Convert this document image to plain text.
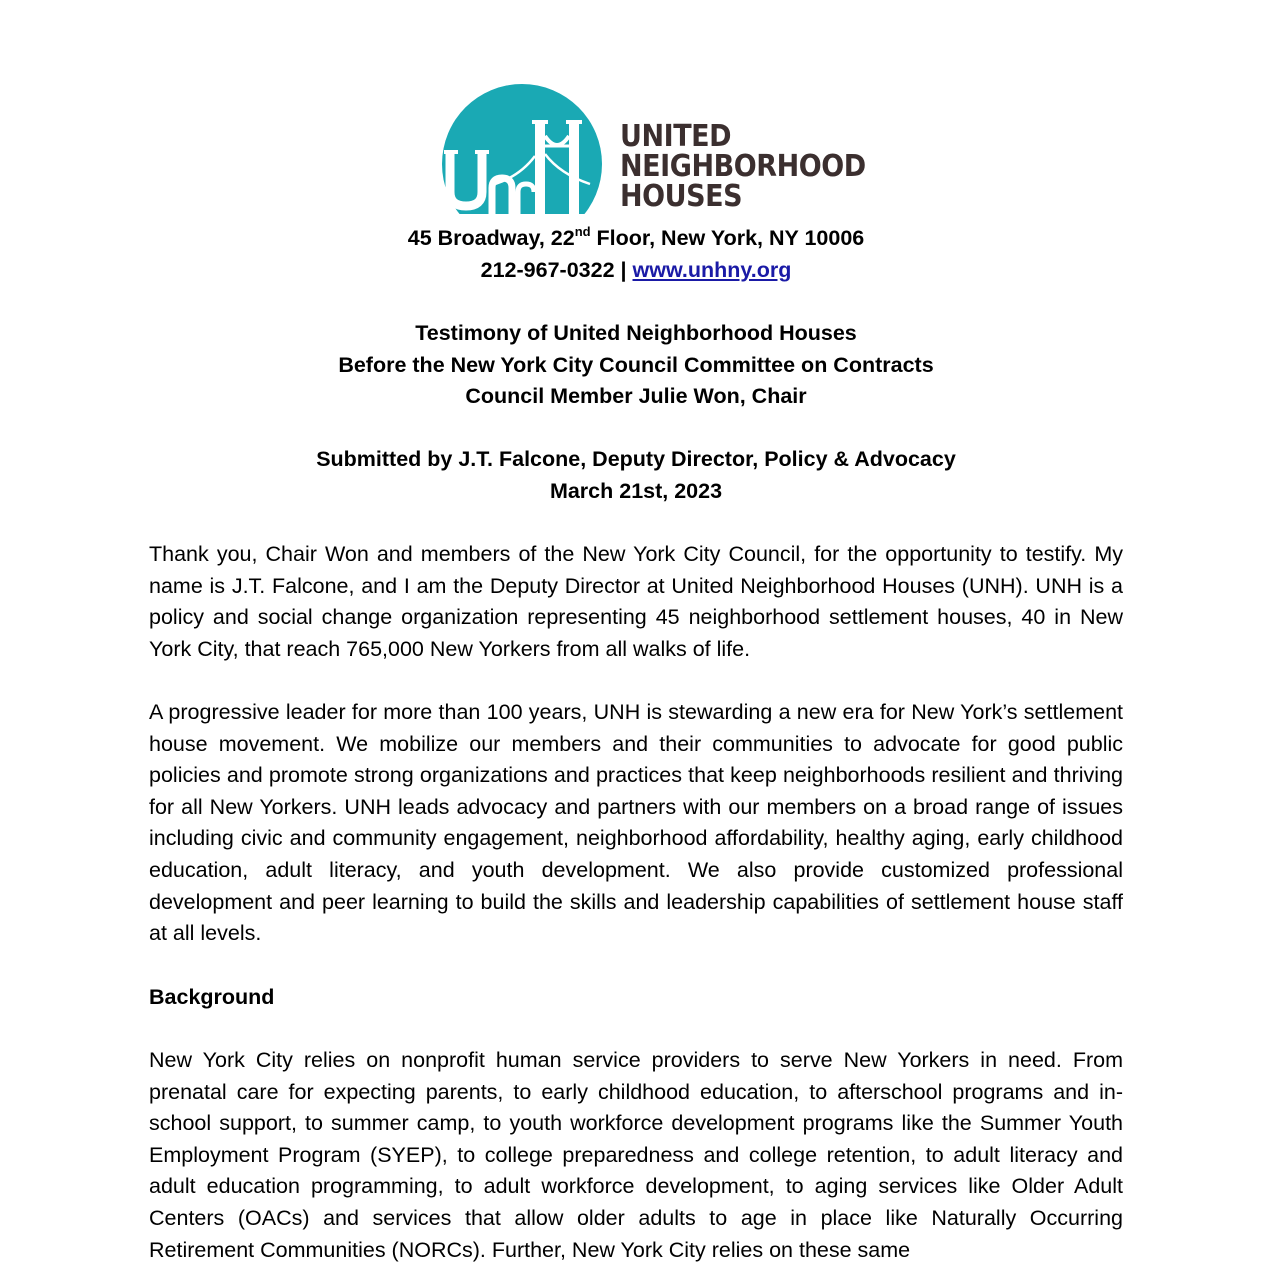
UNITED
NEIGHBORHOOD
HOUSES

45 Broadway, 22nd Floor, New York, NY 10006

212-967-0322 | www.unhny.org

Testimony of United Neighborhood Houses

Before the New York City Council Committee on Contracts

Council Member Julie Won, Chair

Submitted by J.T. Falcone, Deputy Director, Policy & Advocacy

March 21st, 2023

Thank you, Chair Won and members of the New York City Council, for the opportunity to testify. My name is J.T. Falcone, and I am the Deputy Director at United Neighborhood Houses (UNH). UNH is a policy and social change organization representing 45 neighborhood settlement houses, 40 in New York City, that reach 765,000 New Yorkers from all walks of life.

A progressive leader for more than 100 years, UNH is stewarding a new era for New York’s settlement house movement. We mobilize our members and their communities to advocate for good public policies and promote strong organizations and practices that keep neighborhoods resilient and thriving for all New Yorkers. UNH leads advocacy and partners with our members on a broad range of issues including civic and community engagement, neighborhood affordability, healthy aging, early childhood education, adult literacy, and youth development. We also provide customized professional development and peer learning to build the skills and leadership capabilities of settlement house staff at all levels.

Background

New York City relies on nonprofit human service providers to serve New Yorkers in need. From prenatal care for expecting parents, to early childhood education, to afterschool programs and in-school support, to summer camp, to youth workforce development programs like the Summer Youth Employment Program (SYEP), to college preparedness and college retention, to adult literacy and adult education programming, to adult workforce development, to aging services like Older Adult Centers (OACs) and services that allow older adults to age in place like Naturally Occurring Retirement Communities (NORCs). Further, New York City relies on these same
